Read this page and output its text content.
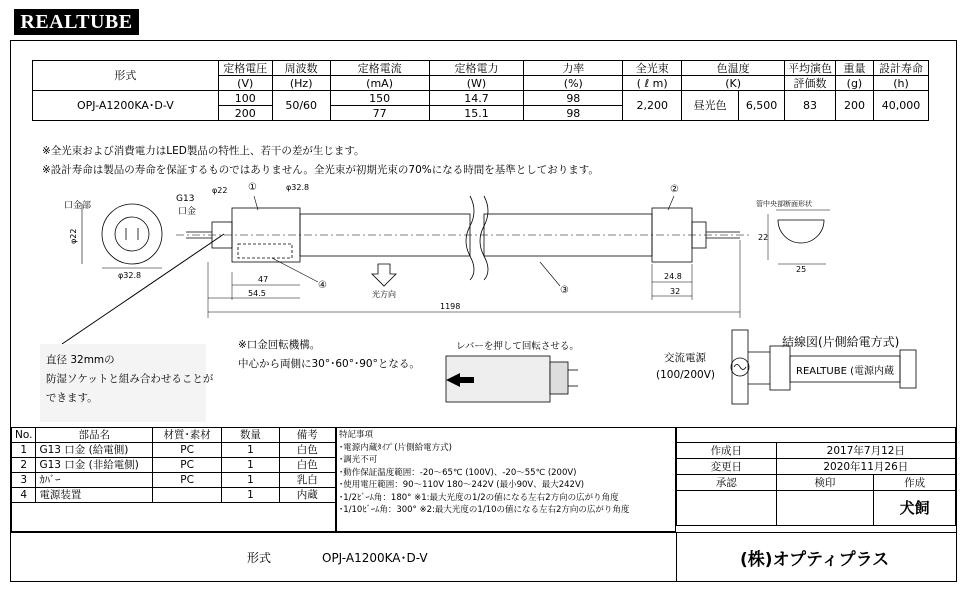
REALTUBE
形式	定格電圧	周波数	定格電流	定格電力	力率	全光束	色温度		平均演色	重量	設計寿命
	(V)	(Hz)	(mA)	(W)	(%)	( ℓ m)	(K)		評価数	(g)	(h)
OPJ-A1200KA･D-V	100	50/60	150	14.7	98	2,200	昼光色	6,500	83	200	40,000
	200		77	15.1	98						
※全光束および消費電力はLED製品の特性上、若干の差が生じます。
※設計寿命は製品の寿命を保証するものではありません。全光束が初期光束の70%になる時間を基準としております。
口金部
G13
口金
φ22	φ32.8
φ22
φ32.8
①	②
③
④
47
54.5
1198
24.8
32
光方向
管中央部断面形状
22
25
REALTUBE (電源内蔵
直径 32mmの
防湿ソケットと組み合わせることが
できます。
※口金回転機構。
中心から両側に30°･60°･90°となる。
レバーを押して回転させる。	結線図(片側給電方式)
交流電源
(100/200V)
No.	部品名	材質･素材	数量	備考
1	G13 口金 (給電側)	PC	1	白色
2	G13 口金 (非給電側)	PC	1	白色
3	ｶﾊﾞｰ	PC	1	乳白
4	電源装置		1	内蔵
特記事項
･電源内蔵ﾀｲﾌﾟ(片側給電方式)
･調光不可
･動作保証温度範囲：-20～65℃ (100V)、-20～55℃ (200V)
･使用電圧範囲：90～110V 180～242V (最小90V、最大242V)
･1/2ﾋﾞｰﾑ角：180° ※1:最大光度の1/2の値になる左右2方向の広がり角度
･1/10ﾋﾞｰﾑ角：300° ※2:最大光度の1/10の値になる左右2方向の広がり角度

作成日	2017年7月12日	
変更日	2020年11月26日	
承認	検印	作成
		犬飼
形式	OPJ-A1200KA･D-V	(株)オプティプラス
